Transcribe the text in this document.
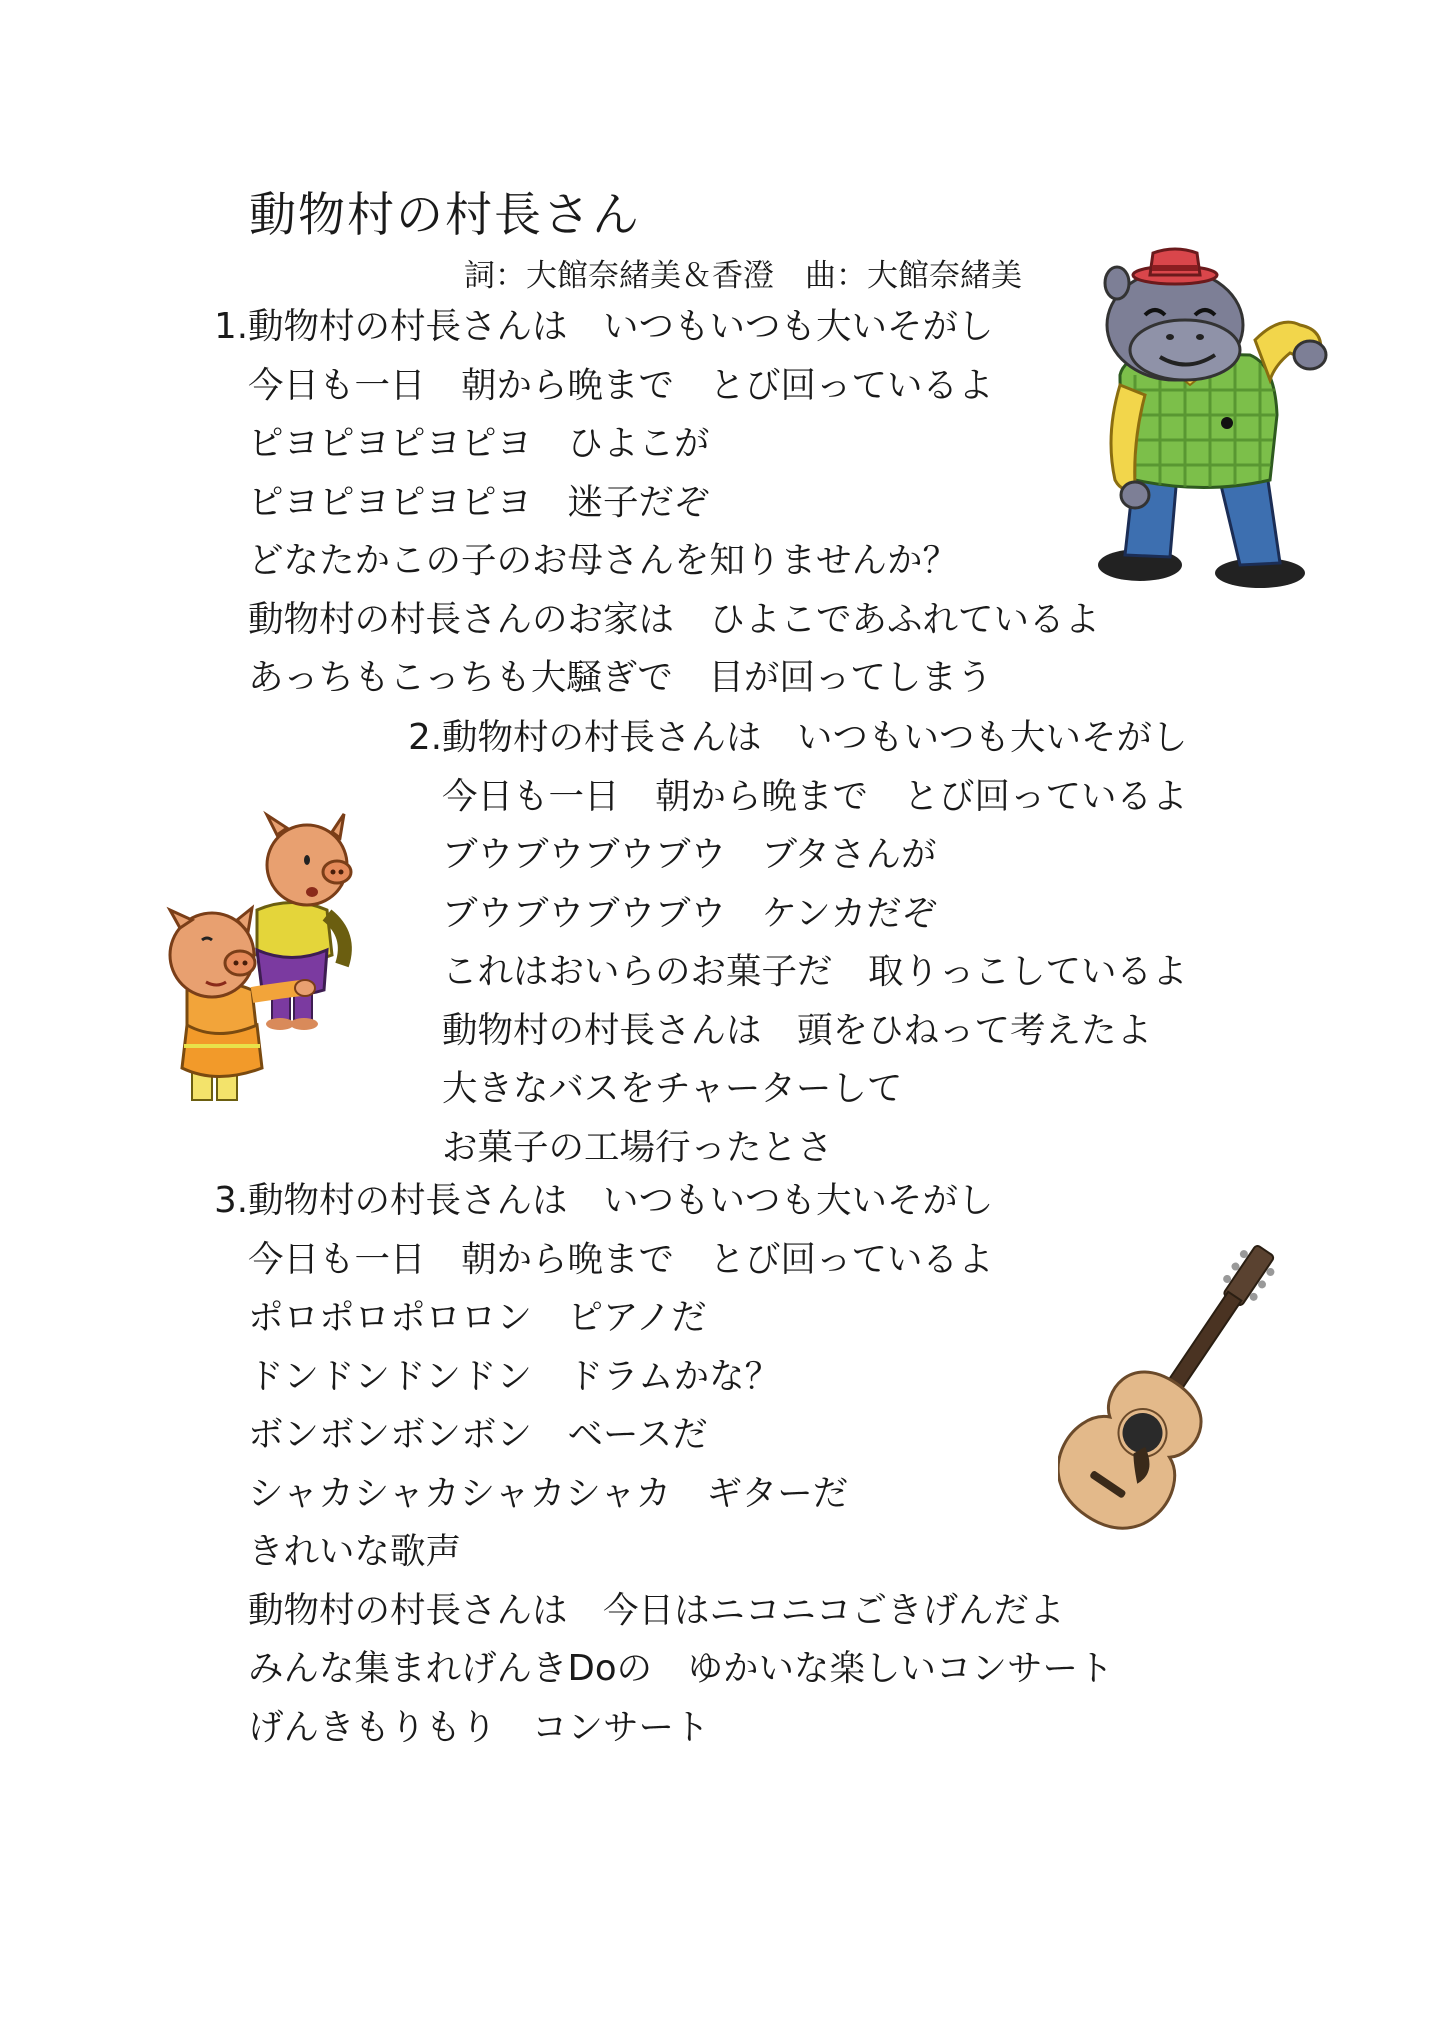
動物村の村長さん
詞：大館奈緒美＆香澄　曲：大館奈緒美
1. 動物村の村長さんは　いつもいつも大いそがし
今日も一日　朝から晩まで　とび回っているよ
ピヨピヨピヨピヨ　ひよこが
ピヨピヨピヨピヨ　迷子だぞ
どなたかこの子のお母さんを知りませんか？
動物村の村長さんのお家は　ひよこであふれているよ
あっちもこっちも大騒ぎで　目が回ってしまう
2. 動物村の村長さんは　いつもいつも大いそがし
今日も一日　朝から晩まで　とび回っているよ
ブウブウブウブウ　ブタさんが
ブウブウブウブウ　ケンカだぞ
これはおいらのお菓子だ　取りっこしているよ
動物村の村長さんは　頭をひねって考えたよ
大きなバスをチャーターして
お菓子の工場行ったとさ
3. 動物村の村長さんは　いつもいつも大いそがし
今日も一日　朝から晩まで　とび回っているよ
ポロポロポロロン　ピアノだ
ドンドンドンドン　ドラムかな？
ボンボンボンボン　ベースだ
シャカシャカシャカシャカ　ギターだ
きれいな歌声
動物村の村長さんは　今日はニコニコごきげんだよ
みんな集まれげんきDoの　ゆかいな楽しいコンサート
げんきもりもり　コンサート
